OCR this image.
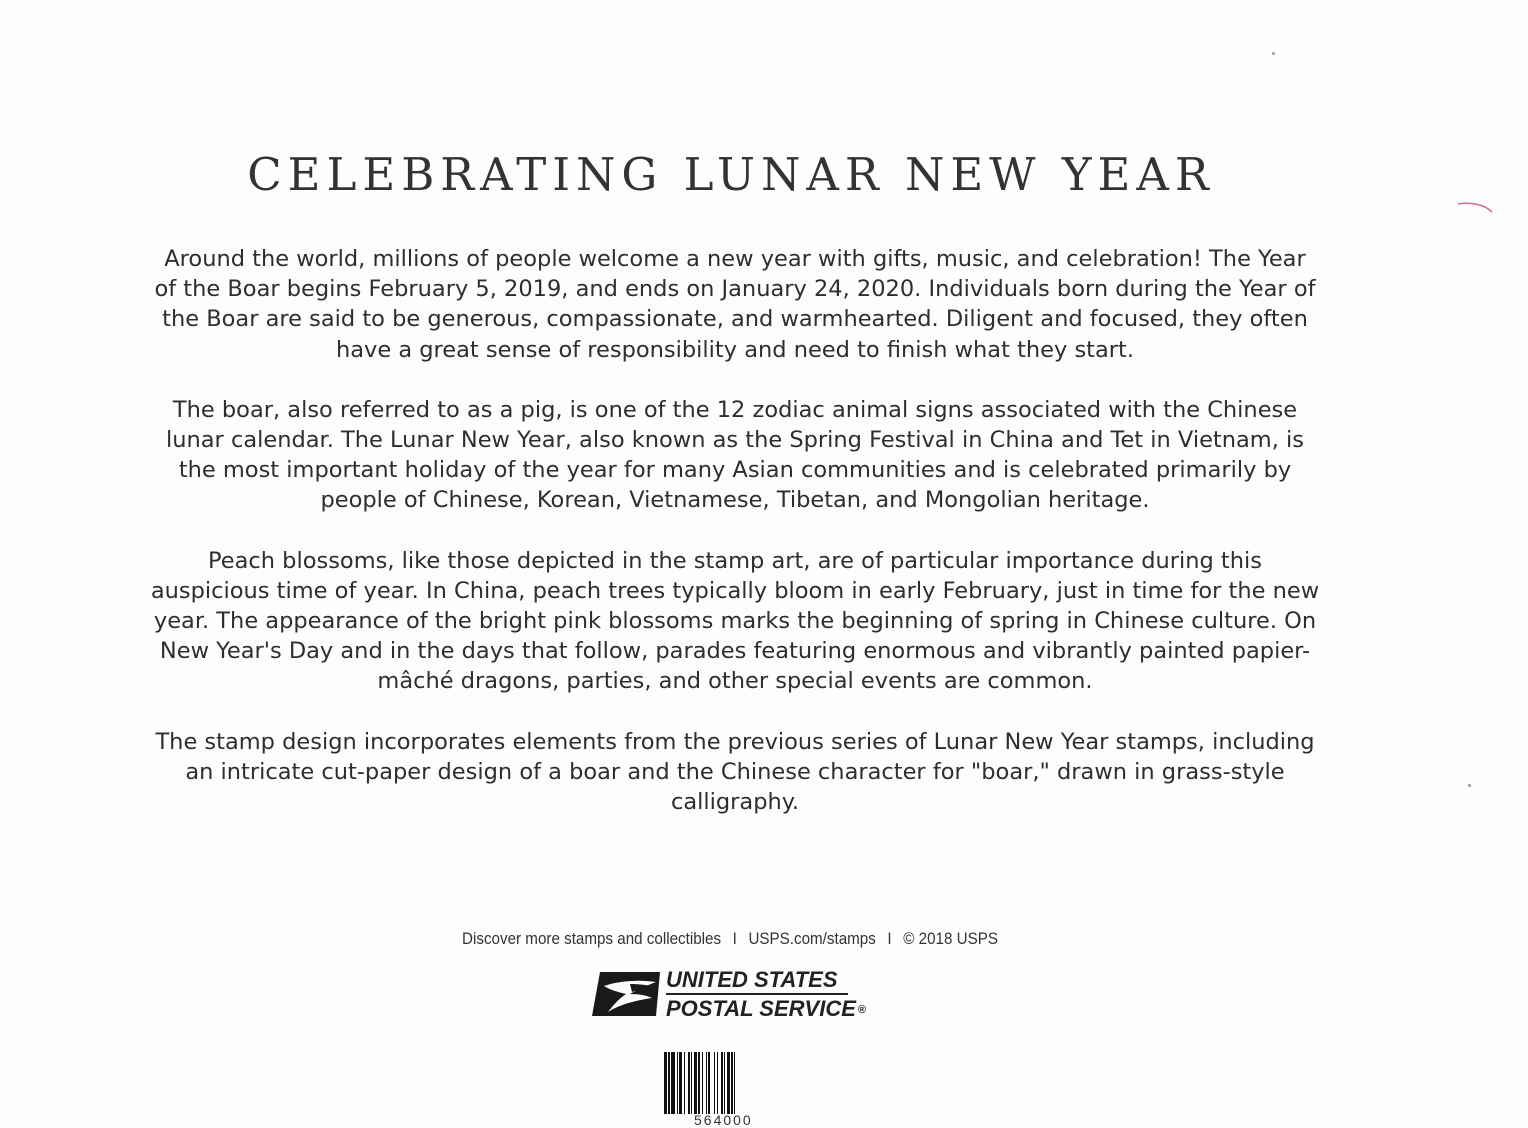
CELEBRATING LUNAR NEW YEAR

Around the world, millions of people welcome a new year with gifts, music, and celebration! The Year of the Boar begins February 5, 2019, and ends on January 24, 2020. Individuals born during the Year of the Boar are said to be generous, compassionate, and warmhearted. Diligent and focused, they often have a great sense of responsibility and need to finish what they start.

The boar, also referred to as a pig, is one of the 12 zodiac animal signs associated with the Chinese lunar calendar. The Lunar New Year, also known as the Spring Festival in China and Tet in Vietnam, is the most important holiday of the year for many Asian communities and is celebrated primarily by people of Chinese, Korean, Vietnamese, Tibetan, and Mongolian heritage.

Peach blossoms, like those depicted in the stamp art, are of particular importance during this auspicious time of year. In China, peach trees typically bloom in early February, just in time for the new year. The appearance of the bright pink blossoms marks the beginning of spring in Chinese culture. On New Year's Day and in the days that follow, parades featuring enormous and vibrantly painted papier-mâché dragons, parties, and other special events are common.

The stamp design incorporates elements from the previous series of Lunar New Year stamps, including an intricate cut-paper design of a boar and the Chinese character for "boar," drawn in grass-style calligraphy.

Discover more stamps and collectibles I USPS.com/stamps I © 2018 USPS
UNITED STATES
POSTAL SERVICE ®
564000
